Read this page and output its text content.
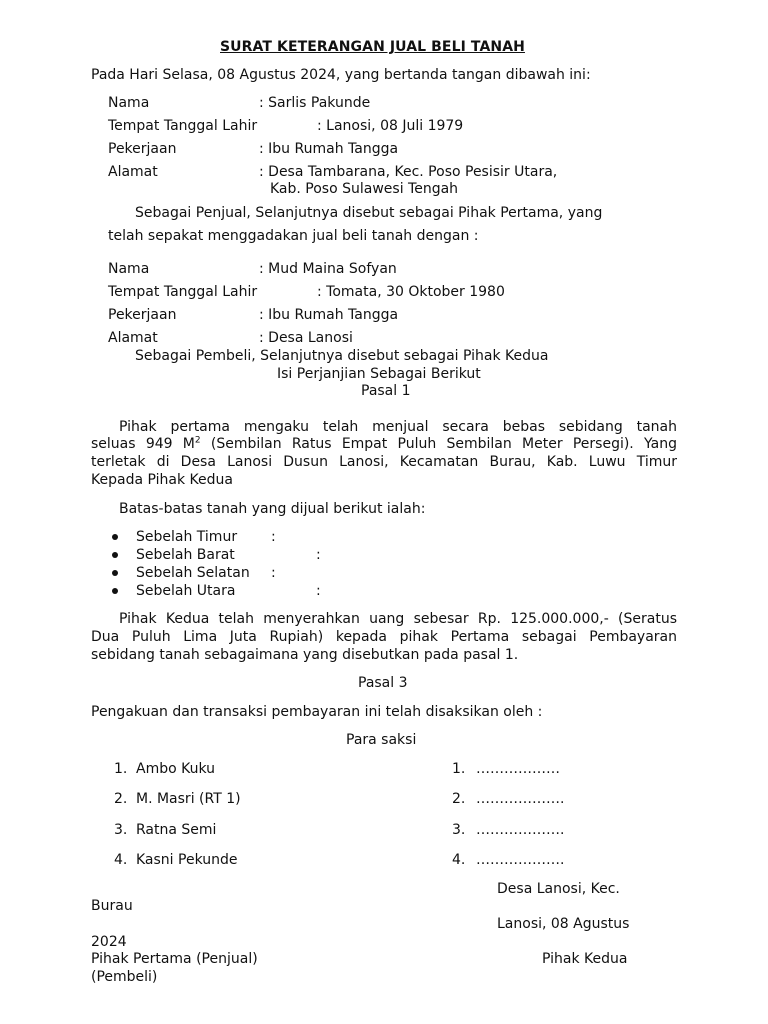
SURAT KETERANGAN JUAL BELI TANAH
Pada Hari Selasa, 08 Agustus 2024, yang bertanda tangan dibawah ini:
Nama	: Sarlis Pakunde
Tempat Tanggal Lahir	: Lanosi, 08 Juli 1979
Pekerjaan	: Ibu Rumah Tangga
Alamat	: Desa Tambarana, Kec. Poso Pesisir Utara,
Kab. Poso Sulawesi Tengah
Sebagai Penjual, Selanjutnya disebut sebagai Pihak Pertama, yang
telah sepakat menggadakan jual beli tanah dengan :
Nama	: Mud Maina Sofyan
Tempat Tanggal Lahir	: Tomata, 30 Oktober 1980
Pekerjaan	: Ibu Rumah Tangga
Alamat	: Desa Lanosi
Sebagai Pembeli, Selanjutnya disebut sebagai Pihak Kedua
Isi Perjanjian Sebagai Berikut
Pasal 1
Pihak pertama mengaku telah menjual secara bebas sebidang tanah
seluas 949 $M^2$ (Sembilan Ratus Empat Puluh Sembilan Meter Persegi). Yang
terletak di Desa Lanosi Dusun Lanosi, Kecamatan Burau, Kab. Luwu Timur
Kepada Pihak Kedua
Batas-batas tanah yang dijual berikut ialah:
Sebelah Timur :
Sebelah Barat	:
Sebelah Selatan :
Sebelah Utara	:
Pihak Kedua telah menyerahkan uang sebesar Rp. 125.000.000,- (Seratus
Dua Puluh Lima Juta Rupiah) kepada pihak Pertama sebagai Pembayaran
sebidang tanah sebagaimana yang disebutkan pada pasal 1.
Pasal 3
Pengakuan dan transaksi pembayaran ini telah disaksikan oleh :
Para saksi
1. Ambo Kuku	1. ………………
2. M. Masri (RT 1)	2. ……………….
3. Ratna Semi	3. ……………….
4. Kasni Pekunde	4. ……………….
Desa Lanosi, Kec.
Burau
Lanosi, 08 Agustus
2024
Pihak Pertama (Penjual)	Pihak Kedua
(Pembeli)
